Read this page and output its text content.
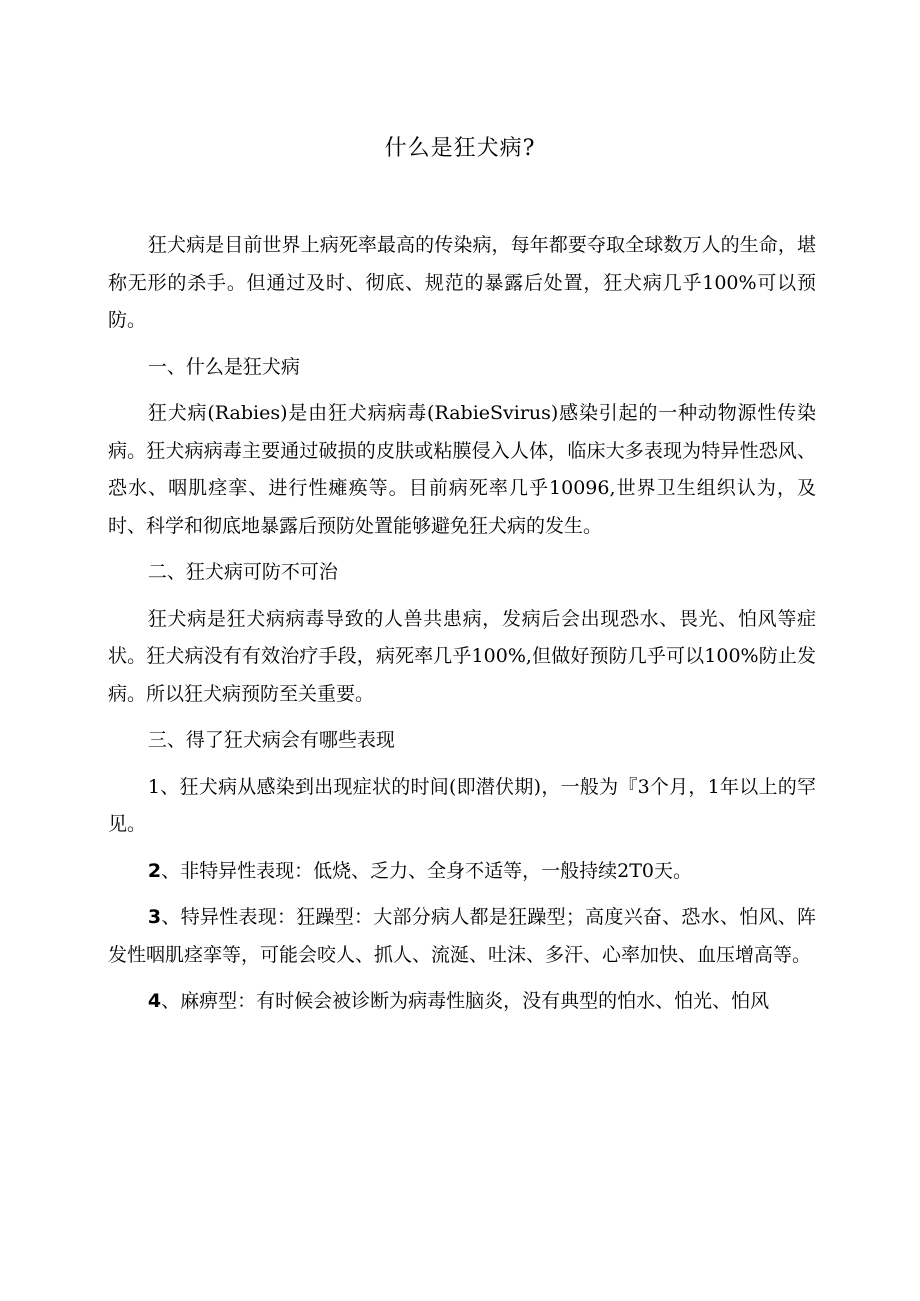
什么是狂犬病?

狂犬病是目前世界上病死率最高的传染病，每年都要夺取全球数万人的生命，堪称无形的杀手。但通过及时、彻底、规范的暴露后处置，狂犬病几乎100%可以预防。

一、什么是狂犬病

狂犬病(Rabies)是由狂犬病病毒(RabieSvirus)感染引起的一种动物源性传染病。狂犬病病毒主要通过破损的皮肤或粘膜侵入人体，临床大多表现为特异性恐风、恐水、咽肌痉挛、进行性瘫痪等。目前病死率几乎10096,世界卫生组织认为，及时、科学和彻底地暴露后预防处置能够避免狂犬病的发生。

二、狂犬病可防不可治

狂犬病是狂犬病病毒导致的人兽共患病，发病后会出现恐水、畏光、怕风等症状。狂犬病没有有效治疗手段，病死率几乎100%,但做好预防几乎可以100%防止发病。所以狂犬病预防至关重要。

三、得了狂犬病会有哪些表现

1、狂犬病从感染到出现症状的时间(即潜伏期)，一般为『3个月，1年以上的罕见。

2、非特异性表现：低烧、乏力、全身不适等，一般持续2T0天。

3、特异性表现：狂躁型：大部分病人都是狂躁型；高度兴奋、恐水、怕风、阵发性咽肌痉挛等，可能会咬人、抓人、流涎、吐沫、多汗、心率加快、血压增高等。

4、麻痹型：有时候会被诊断为病毒性脑炎，没有典型的怕水、怕光、怕风
